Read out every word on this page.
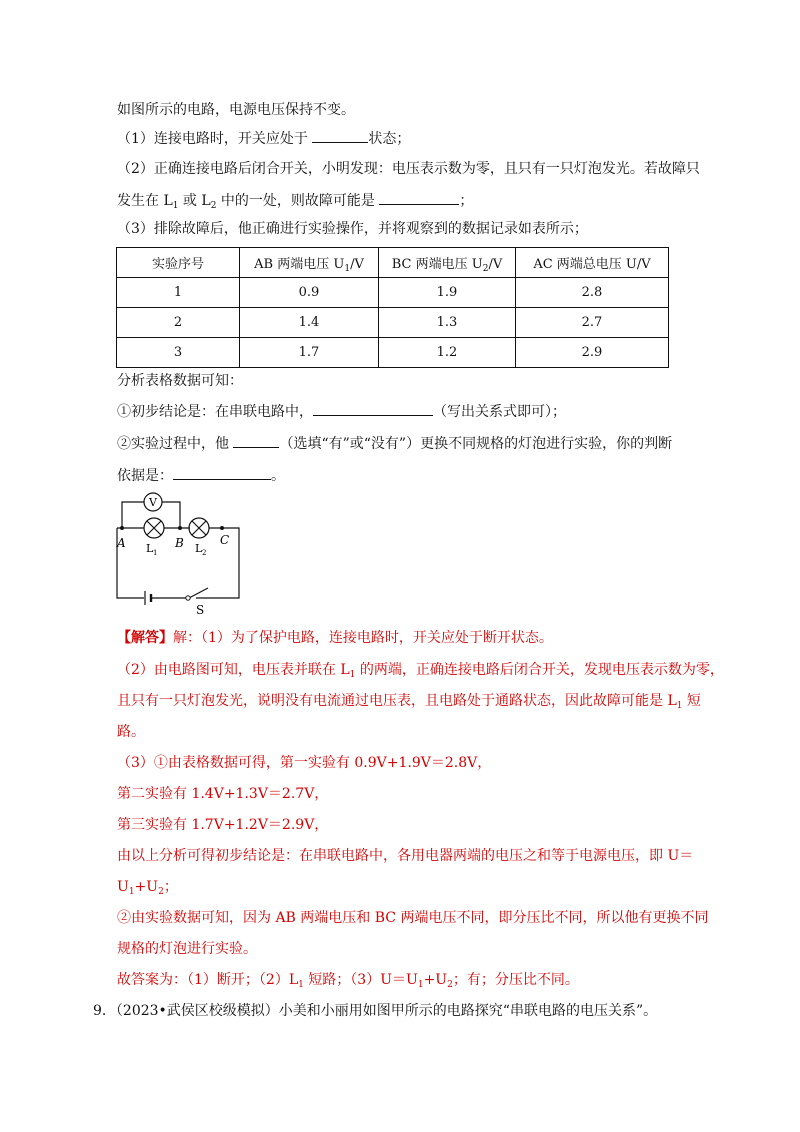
如图所示的电路，电源电压保持不变。
（1）连接电路时，开关应处于	状态；
（2）正确连接电路后闭合开关，小明发现：电压表示数为零，且只有一只灯泡发光。若故障只
发生在 $L_1$ 或 $L_2$ 中的一处，则故障可能是	；
（3）排除故障后，他正确进行实验操作，并将观察到的数据记录如表所示；
实验序号	AB 两端电压 $U_1/V$	BC 两端电压 $U_2/V$	AC 两端总电压 U/V
1	0.9	1.9	2.8
2	1.4	1.3	2.7
3	1.7	1.2	2.9
分析表格数据可知：
①初步结论是：在串联电路中，	（写出关系式即可）；
②实验过程中，他	（选填“有”或“没有”）更换不同规格的灯泡进行实验，你的判断
依据是：	。
V
A	B	C
L 1	L 2
S
【解答】解：（1）为了保护电路，连接电路时，开关应处于断开状态。
（2）由电路图可知，电压表并联在 $L_1$ 的两端，正确连接电路后闭合开关，发现电压表示数为零，
且只有一只灯泡发光，说明没有电流通过电压表，且电路处于通路状态，因此故障可能是 $L_1$ 短
路。
（3）①由表格数据可得，第一实验有 0.9V+1.9V＝2.8V，
第二实验有 1.4V+1.3V＝2.7V，
第三实验有 1.7V+1.2V＝2.9V，
由以上分析可得初步结论是：在串联电路中，各用电器两端的电压之和等于电源电压，即 U＝
$U_1+U_2$；
②由实验数据可知，因为 AB 两端电压和 BC 两端电压不同，即分压比不同，所以他有更换不同
规格的灯泡进行实验。
故答案为：（1）断开；$(2)L_1$ 短路；$(3)U=U_1+U_2$；有；分压比不同。
9．（2023•武侯区校级模拟）小美和小丽用如图甲所示的电路探究“串联电路的电压关系”。
